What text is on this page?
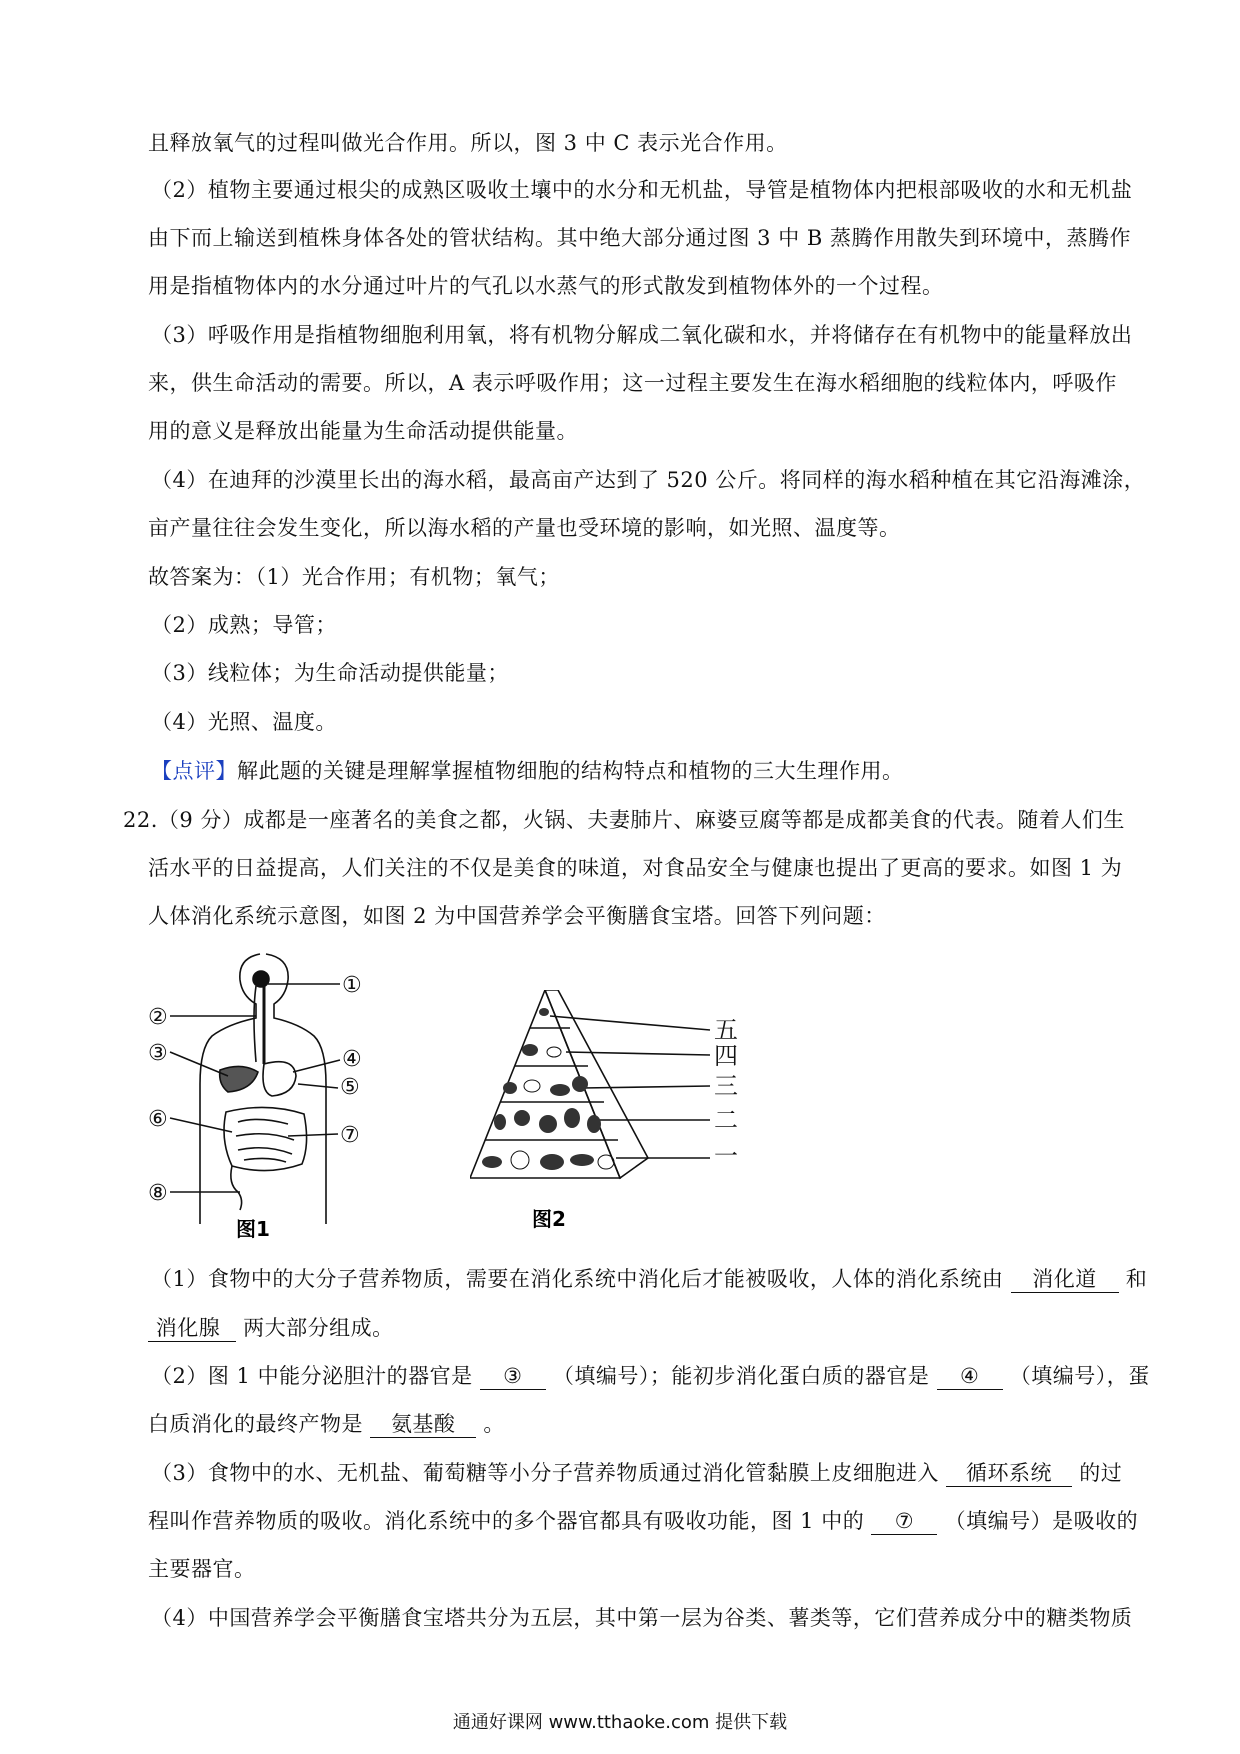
且释放氧气的过程叫做光合作用。所以，图 3 中 C 表示光合作用。
（2）植物主要通过根尖的成熟区吸收土壤中的水分和无机盐，导管是植物体内把根部吸收的水和无机盐
由下而上输送到植株身体各处的管状结构。其中绝大部分通过图 3 中 B 蒸腾作用散失到环境中，蒸腾作
用是指植物体内的水分通过叶片的气孔以水蒸气的形式散发到植物体外的一个过程。
（3）呼吸作用是指植物细胞利用氧，将有机物分解成二氧化碳和水，并将储存在有机物中的能量释放出
来，供生命活动的需要。所以，A 表示呼吸作用；这一过程主要发生在海水稻细胞的线粒体内，呼吸作
用的意义是释放出能量为生命活动提供能量。
（4）在迪拜的沙漠里长出的海水稻，最高亩产达到了 520 公斤。将同样的海水稻种植在其它沿海滩涂，
亩产量往往会发生变化，所以海水稻的产量也受环境的影响，如光照、温度等。
故答案为：（1）光合作用；有机物；氧气；
（2）成熟；导管；
（3）线粒体；为生命活动提供能量；
（4）光照、温度。
【点评】解此题的关键是理解掌握植物细胞的结构特点和植物的三大生理作用。
22.（9 分）成都是一座著名的美食之都，火锅、夫妻肺片、麻婆豆腐等都是成都美食的代表。随着人们生
活水平的日益提高，人们关注的不仅是美食的味道，对食品安全与健康也提出了更高的要求。如图 1 为
人体消化系统示意图，如图 2 为中国营养学会平衡膳食宝塔。回答下列问题：
①
②
③	④
⑤
⑥
⑦
⑧
图1
五
四
三
二
一
图2
（1）食物中的大分子营养物质，需要在消化系统中消化后才能被吸收，人体的消化系统由 消化道 和
消化腺 两大部分组成。
（2）图 1 中能分泌胆汁的器官是 ③ （填编号）；能初步消化蛋白质的器官是 ④ （填编号），蛋
白质消化的最终产物是 氨基酸 。
（3）食物中的水、无机盐、葡萄糖等小分子营养物质通过消化管黏膜上皮细胞进入 循环系统 的过
程叫作营养物质的吸收。消化系统中的多个器官都具有吸收功能，图 1 中的 ⑦ （填编号）是吸收的
主要器官。
（4）中国营养学会平衡膳食宝塔共分为五层，其中第一层为谷类、薯类等，它们营养成分中的糖类物质
通通好课网 www.tthaoke.com 提供下载
